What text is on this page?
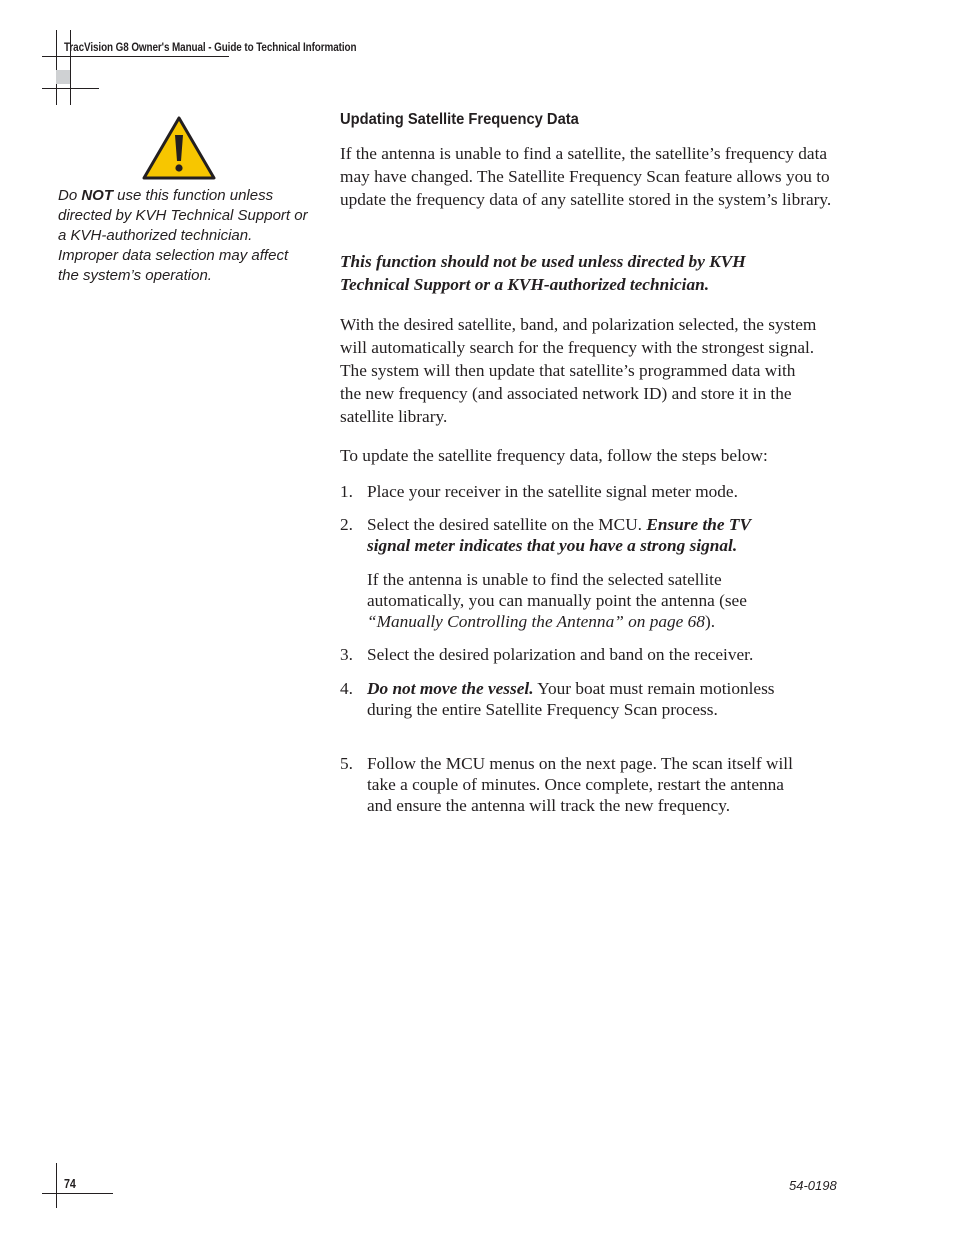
TracVision G8 Owner's Manual - Guide to Technical Information
Do NOT use this function unless directed by KVH Technical Support or a KVH-authorized technician. Improper data selection may affect the system’s operation.
Updating Satellite Frequency Data

If the antenna is unable to find a satellite, the satellite’s frequency data may have changed. The Satellite Frequency Scan feature allows you to update the frequency data of any satellite stored in the system’s library.

This function should not be used unless directed by KVH Technical Support or a KVH-authorized technician.

With the desired satellite, band, and polarization selected, the system will automatically search for the frequency with the strongest signal. The system will then update that satellite’s programmed data with the new frequency (and associated network ID) and store it in the satellite library.

To update the satellite frequency data, follow the steps below:

1. Place your receiver in the satellite signal meter mode.

2. Select the desired satellite on the MCU. Ensure the TV signal meter indicates that you have a strong signal.

If the antenna is unable to find the selected satellite automatically, you can manually point the antenna (see “Manually Controlling the Antenna” on page 68).

3. Select the desired polarization and band on the receiver.

4. Do not move the vessel. Your boat must remain motionless during the entire Satellite Frequency Scan process.

5. Follow the MCU menus on the next page. The scan itself will take a couple of minutes. Once complete, restart the antenna and ensure the antenna will track the new frequency.

74	54-0198
